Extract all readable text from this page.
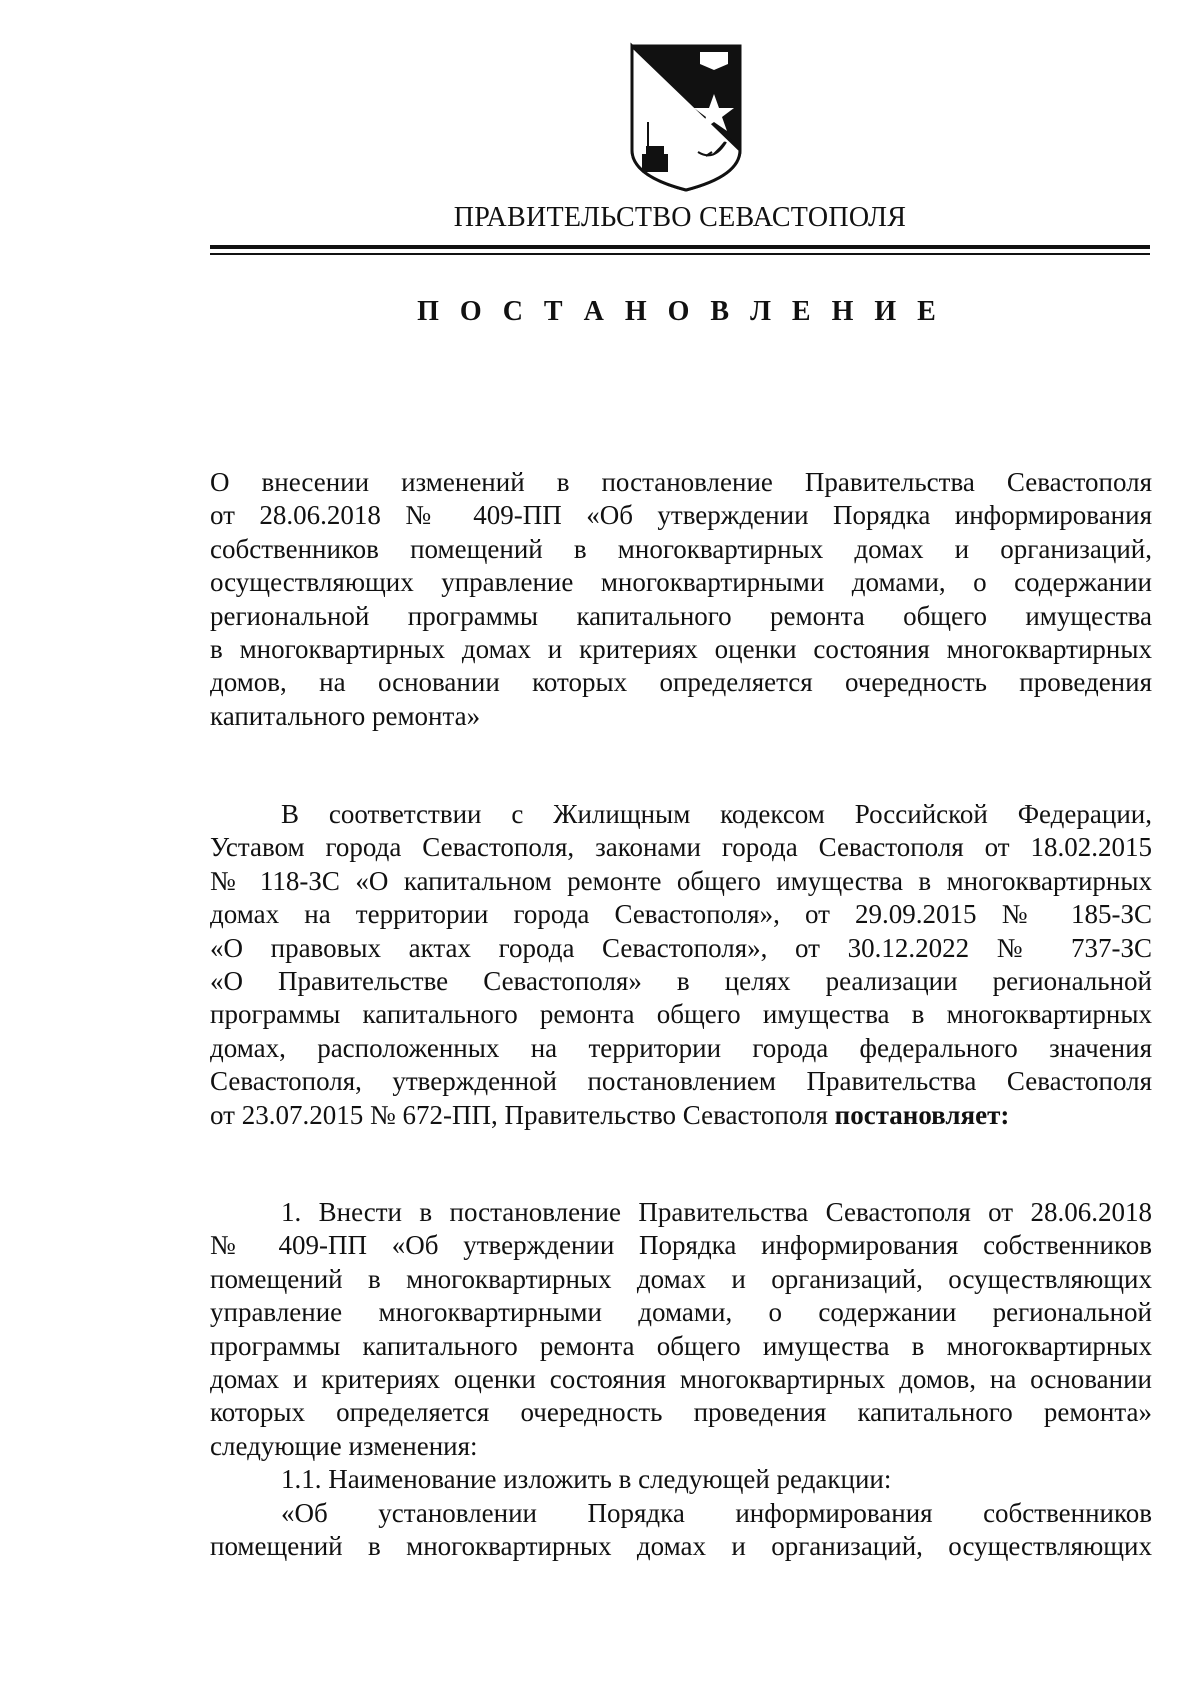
ПРАВИТЕЛЬСТВО СЕВАСТОПОЛЯ
П О С Т А Н О В Л Е Н И Е

О внесении изменений в постановление Правительства Севастополя

от 28.06.2018 № 409-ПП «Об утверждении Порядка информирования

собственников помещений в многоквартирных домах и организаций,

осуществляющих управление многоквартирными домами, о содержании

региональной программы капитального ремонта общего имущества

в многоквартирных домах и критериях оценки состояния многоквартирных

домов, на основании которых определяется очередность проведения

капитального ремонта»

В соответствии с Жилищным кодексом Российской Федерации,

Уставом города Севастополя, законами города Севастополя от 18.02.2015

№ 118-ЗС «О капитальном ремонте общего имущества в многоквартирных

домах на территории города Севастополя», от 29.09.2015 № 185-ЗС

«О правовых актах города Севастополя», от 30.12.2022 № 737-ЗС

«О Правительстве Севастополя» в целях реализации региональной

программы капитального ремонта общего имущества в многоквартирных

домах, расположенных на территории города федерального значения

Севастополя, утвержденной постановлением Правительства Севастополя

от 23.07.2015 № 672-ПП, Правительство Севастополя постановляет:

1. Внести в постановление Правительства Севастополя от 28.06.2018

№ 409-ПП «Об утверждении Порядка информирования собственников

помещений в многоквартирных домах и организаций, осуществляющих

управление многоквартирными домами, о содержании региональной

программы капитального ремонта общего имущества в многоквартирных

домах и критериях оценки состояния многоквартирных домов, на основании

которых определяется очередность проведения капитального ремонта»

следующие изменения:

1.1. Наименование изложить в следующей редакции:

«Об установлении Порядка информирования собственников

помещений в многоквартирных домах и организаций, осуществляющих
